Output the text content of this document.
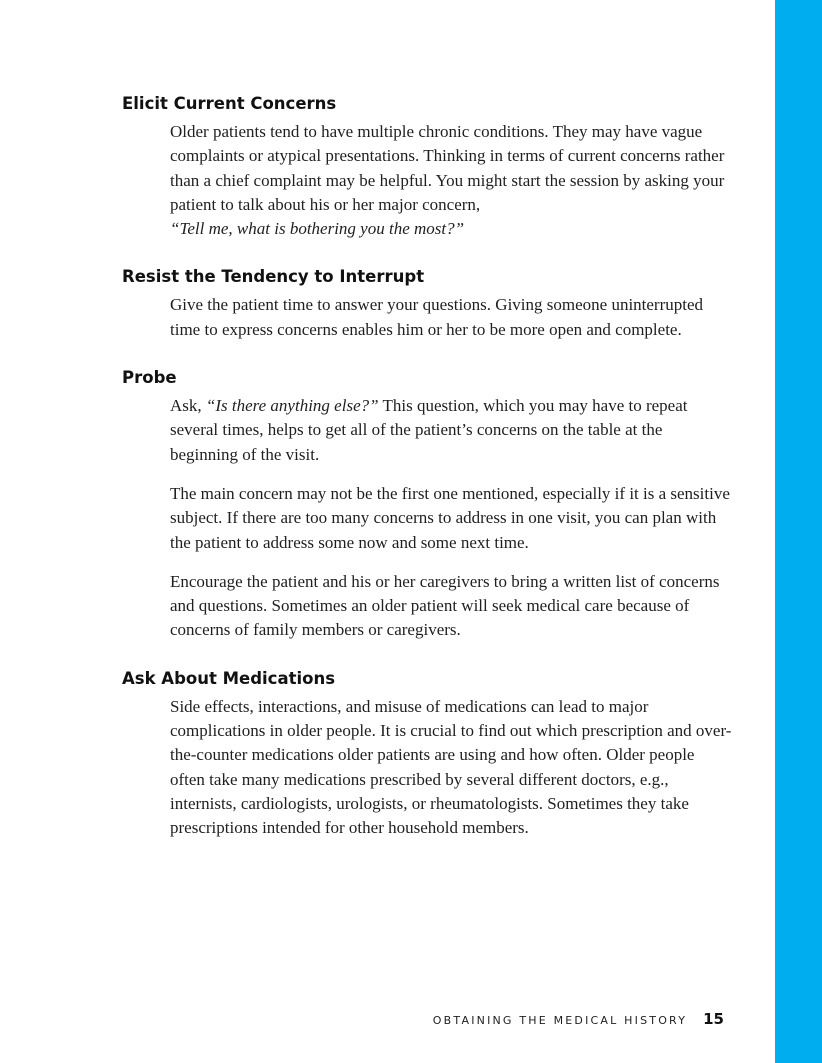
Elicit Current Concerns

Older patients tend to have multiple chronic conditions. They may have vague complaints or atypical presentations. Thinking in terms of current concerns rather than a chief complaint may be helpful. You might start the session by asking your patient to talk about his or her major concern,
“Tell me, what is bothering you the most?”

Resist the Tendency to Interrupt

Give the patient time to answer your questions. Giving someone uninterrupted time to express concerns enables him or her to be more open and complete.

Probe

Ask, “Is there anything else?” This question, which you may have to repeat several times, helps to get all of the patient’s concerns on the table at the beginning of the visit.

The main concern may not be the first one mentioned, especially if it is a sensitive subject. If there are too many concerns to address in one visit, you can plan with the patient to address some now and some next time.

Encourage the patient and his or her caregivers to bring a written list of concerns and questions. Sometimes an older patient will seek medical care because of concerns of family members or caregivers.

Ask About Medications

Side effects, interactions, and misuse of medications can lead to major complications in older people. It is crucial to find out which prescription and over-the-counter medications older patients are using and how often. Older people often take many medications prescribed by several different doctors, e.g., internists, cardiologists, urologists, or rheumatologists. Sometimes they take prescriptions intended for other household members.

OBTAINING THE MEDICAL HISTORY 15
